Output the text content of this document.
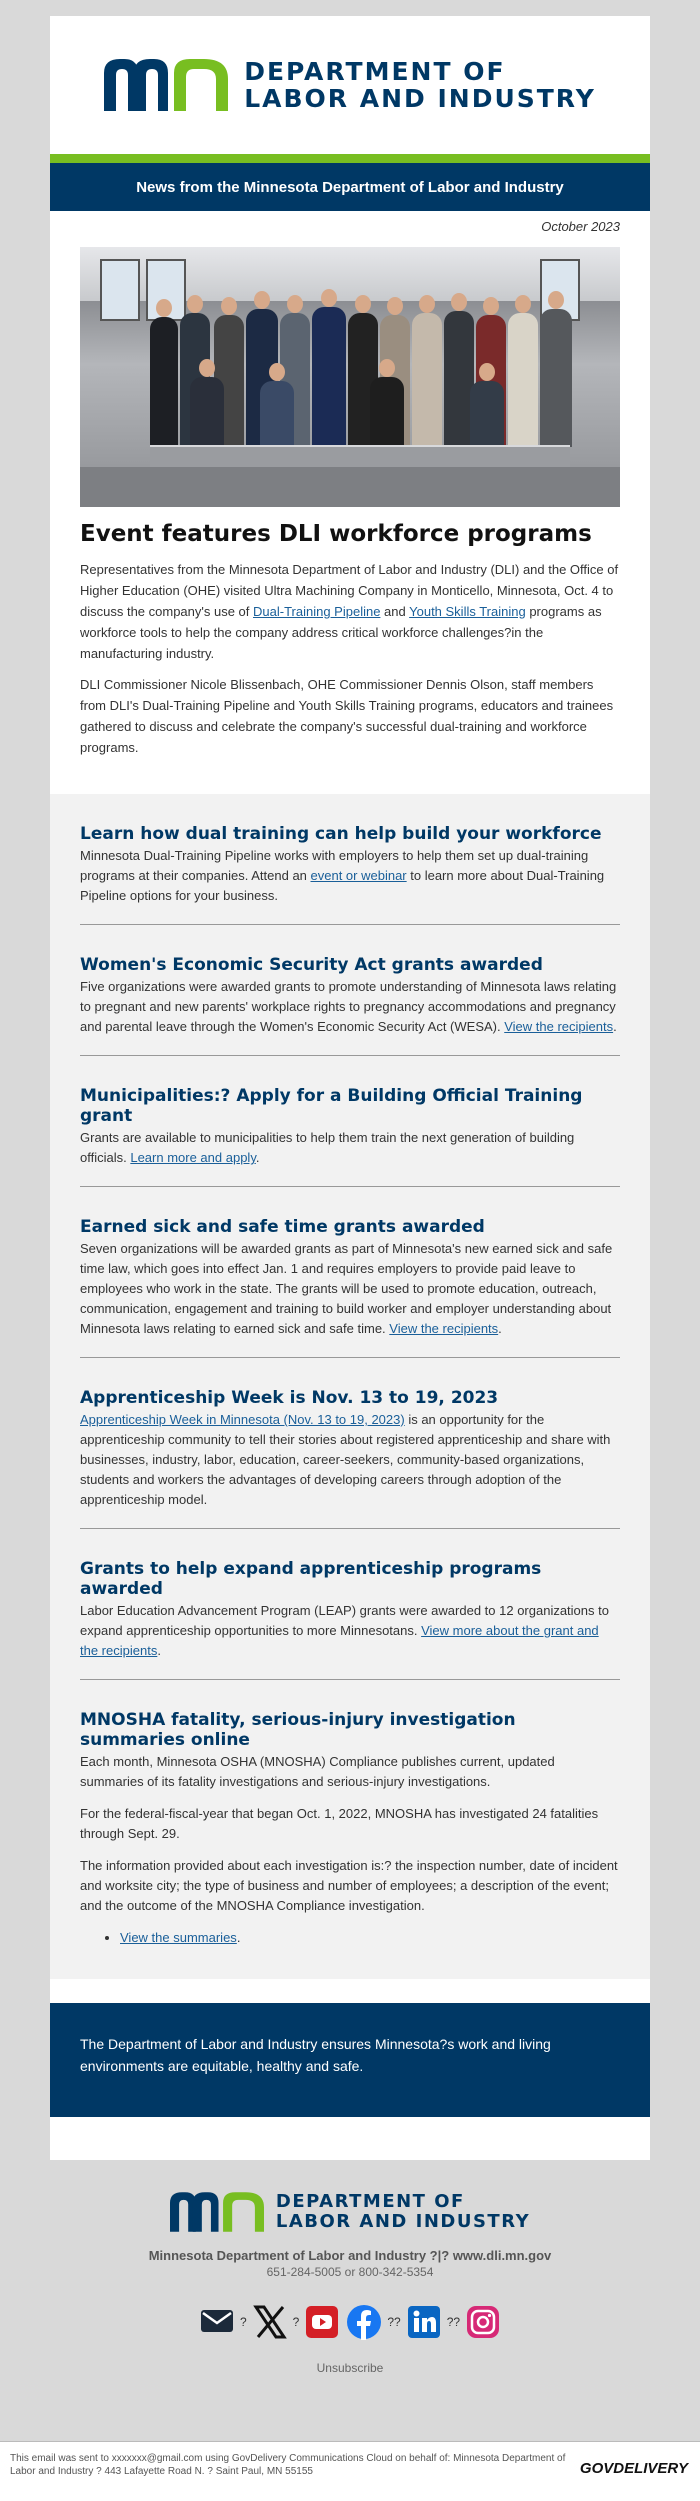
DEPARTMENT OF
LABOR AND INDUSTRY
News from the Minnesota Department of Labor and Industry
October 2023
Event features DLI workforce programs

Representatives from the Minnesota Department of Labor and Industry (DLI) and the Office of Higher Education (OHE) visited Ultra Machining Company in Monticello, Minnesota, Oct. 4 to discuss the company's use of Dual-Training Pipeline and Youth Skills Training programs as workforce tools to help the company address critical workforce challenges?in the manufacturing industry.

DLI Commissioner Nicole Blissenbach, OHE Commissioner Dennis Olson, staff members from DLI's Dual-Training Pipeline and Youth Skills Training programs, educators and trainees gathered to discuss and celebrate the company's successful dual-training and workforce programs.

Learn how dual training can help build your workforce

Minnesota Dual-Training Pipeline works with employers to help them set up dual-training programs at their companies. Attend an event or webinar to learn more about Dual-Training Pipeline options for your business.

Women's Economic Security Act grants awarded

Five organizations were awarded grants to promote understanding of Minnesota laws relating to pregnant and new parents' workplace rights to pregnancy accommodations and pregnancy and parental leave through the Women's Economic Security Act (WESA). View the recipients.

Municipalities:? Apply for a Building Official Training grant

Grants are available to municipalities to help them train the next generation of building officials. Learn more and apply.

Earned sick and safe time grants awarded

Seven organizations will be awarded grants as part of Minnesota's new earned sick and safe time law, which goes into effect Jan. 1 and requires employers to provide paid leave to employees who work in the state. The grants will be used to promote education, outreach, communication, engagement and training to build worker and employer understanding about Minnesota laws relating to earned sick and safe time. View the recipients.

Apprenticeship Week is Nov. 13 to 19, 2023

Apprenticeship Week in Minnesota (Nov. 13 to 19, 2023) is an opportunity for the apprenticeship community to tell their stories about registered apprenticeship and share with businesses, industry, labor, education, career-seekers, community-based organizations, students and workers the advantages of developing careers through adoption of the apprenticeship model.

Grants to help expand apprenticeship programs awarded

Labor Education Advancement Program (LEAP) grants were awarded to 12 organizations to expand apprenticeship opportunities to more Minnesotans. View more about the grant and the recipients.

MNOSHA fatality, serious-injury investigation summaries online

Each month, Minnesota OSHA (MNOSHA) Compliance publishes current, updated summaries of its fatality investigations and serious-injury investigations.

For the federal-fiscal-year that began Oct. 1, 2022, MNOSHA has investigated 24 fatalities through Sept. 29.

The information provided about each investigation is:? the inspection number, date of incident and worksite city; the type of business and number of employees; a description of the event; and the outcome of the MNOSHA Compliance investigation.

• View the summaries.
The Department of Labor and Industry ensures Minnesota?s work and living environments are equitable, healthy and safe.
DEPARTMENT OF
LABOR AND INDUSTRY
Minnesota Department of Labor and Industry ?|? www.dli.mn.gov
651-284-5005 or 800-342-5354
?	?	??	??
Unsubscribe
This email was sent to xxxxxxx@gmail.com using GovDelivery Communications Cloud on behalf of: Minnesota Department of Labor and Industry ? 443 Lafayette Road N. ? Saint Paul, MN 55155	GOVDELIVERY
